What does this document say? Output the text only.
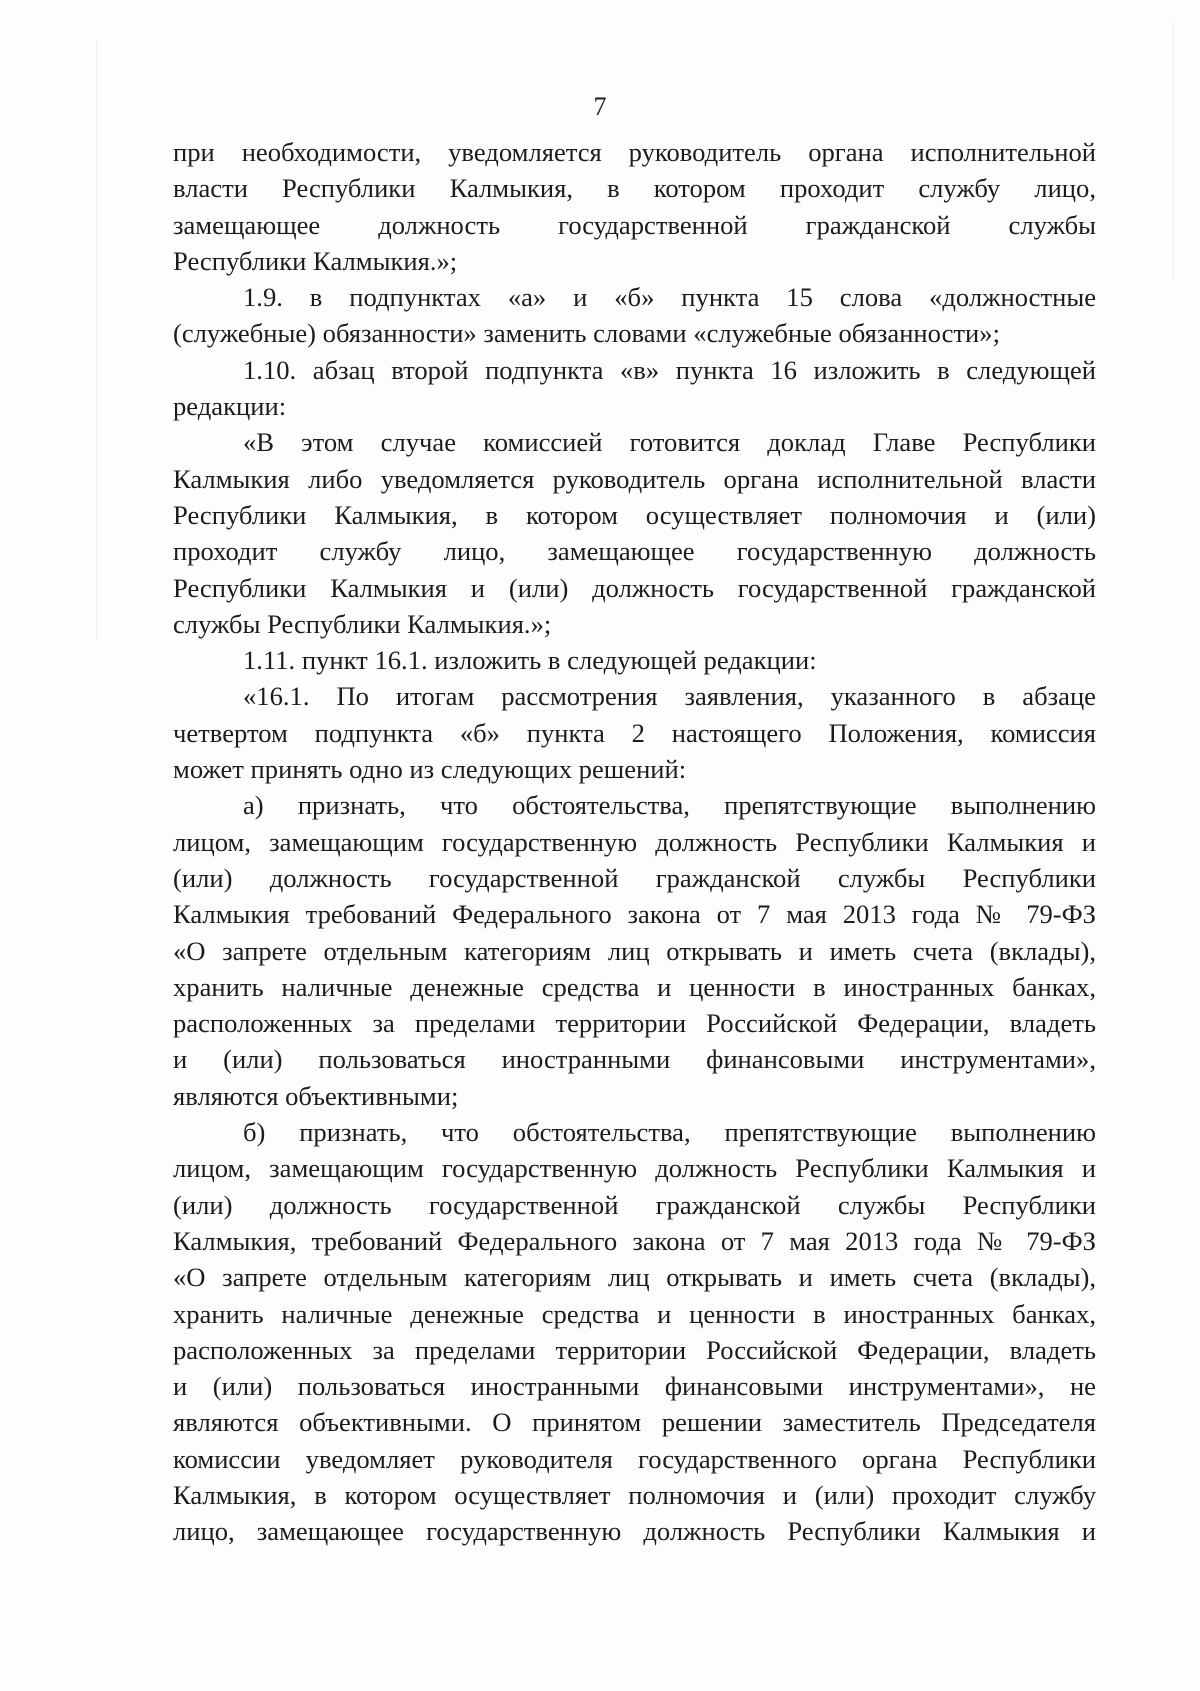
7
при необходимости, уведомляется руководитель органа исполнительной
власти Республики Калмыкия, в котором проходит службу лицо,
замещающее должность государственной гражданской службы
Республики Калмыкия.»;
1.9. в подпунктах «а» и «б» пункта 15 слова «должностные
(служебные) обязанности» заменить словами «служебные обязанности»;
1.10. абзац второй подпункта «в» пункта 16 изложить в следующей
редакции:
«В этом случае комиссией готовится доклад Главе Республики
Калмыкия либо уведомляется руководитель органа исполнительной власти
Республики Калмыкия, в котором осуществляет полномочия и (или)
проходит службу лицо, замещающее государственную должность
Республики Калмыкия и (или) должность государственной гражданской
службы Республики Калмыкия.»;
1.11. пункт 16.1. изложить в следующей редакции:
«16.1. По итогам рассмотрения заявления, указанного в абзаце
четвертом подпункта «б» пункта 2 настоящего Положения, комиссия
может принять одно из следующих решений:
а) признать, что обстоятельства, препятствующие выполнению
лицом, замещающим государственную должность Республики Калмыкия и
(или) должность государственной гражданской службы Республики
Калмыкия требований Федерального закона от 7 мая 2013 года № 79-ФЗ
«О запрете отдельным категориям лиц открывать и иметь счета (вклады),
хранить наличные денежные средства и ценности в иностранных банках,
расположенных за пределами территории Российской Федерации, владеть
и (или) пользоваться иностранными финансовыми инструментами»,
являются объективными;
б) признать, что обстоятельства, препятствующие выполнению
лицом, замещающим государственную должность Республики Калмыкия и
(или) должность государственной гражданской службы Республики
Калмыкия, требований Федерального закона от 7 мая 2013 года № 79-ФЗ
«О запрете отдельным категориям лиц открывать и иметь счета (вклады),
хранить наличные денежные средства и ценности в иностранных банках,
расположенных за пределами территории Российской Федерации, владеть
и (или) пользоваться иностранными финансовыми инструментами», не
являются объективными. О принятом решении заместитель Председателя
комиссии уведомляет руководителя государственного органа Республики
Калмыкия, в котором осуществляет полномочия и (или) проходит службу
лицо, замещающее государственную должность Республики Калмыкия и
